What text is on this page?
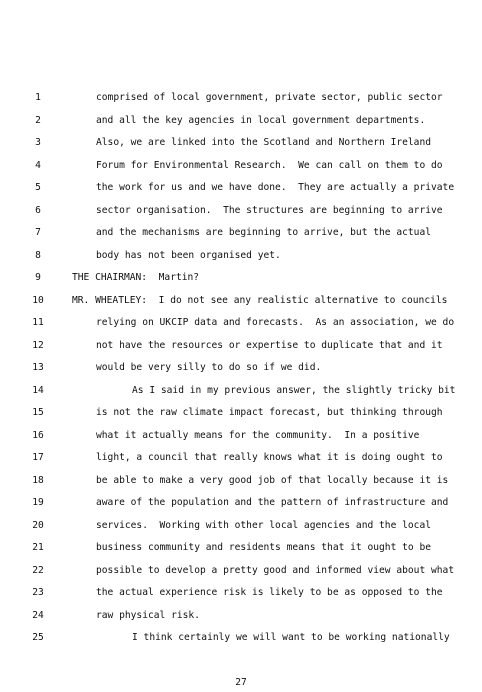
1	comprised of local government, private sector, public sector
2	and all the key agencies in local government departments.
3	Also, we are linked into the Scotland and Northern Ireland
4	Forum for Environmental Research.  We can call on them to do
5	the work for us and we have done.  They are actually a private
6	sector organisation.  The structures are beginning to arrive
7	and the mechanisms are beginning to arrive, but the actual
8	body has not been organised yet.
9	THE CHAIRMAN:  Martin?
10	MR. WHEATLEY:  I do not see any realistic alternative to councils
11	relying on UKCIP data and forecasts.  As an association, we do
12	not have the resources or expertise to duplicate that and it
13	would be very silly to do so if we did.
14	As I said in my previous answer, the slightly tricky bit
15	is not the raw climate impact forecast, but thinking through
16	what it actually means for the community.  In a positive
17	light, a council that really knows what it is doing ought to
18	be able to make a very good job of that locally because it is
19	aware of the population and the pattern of infrastructure and
20	services.  Working with other local agencies and the local
21	business community and residents means that it ought to be
22	possible to develop a pretty good and informed view about what
23	the actual experience risk is likely to be as opposed to the
24	raw physical risk.
25	I think certainly we will want to be working nationally
27
